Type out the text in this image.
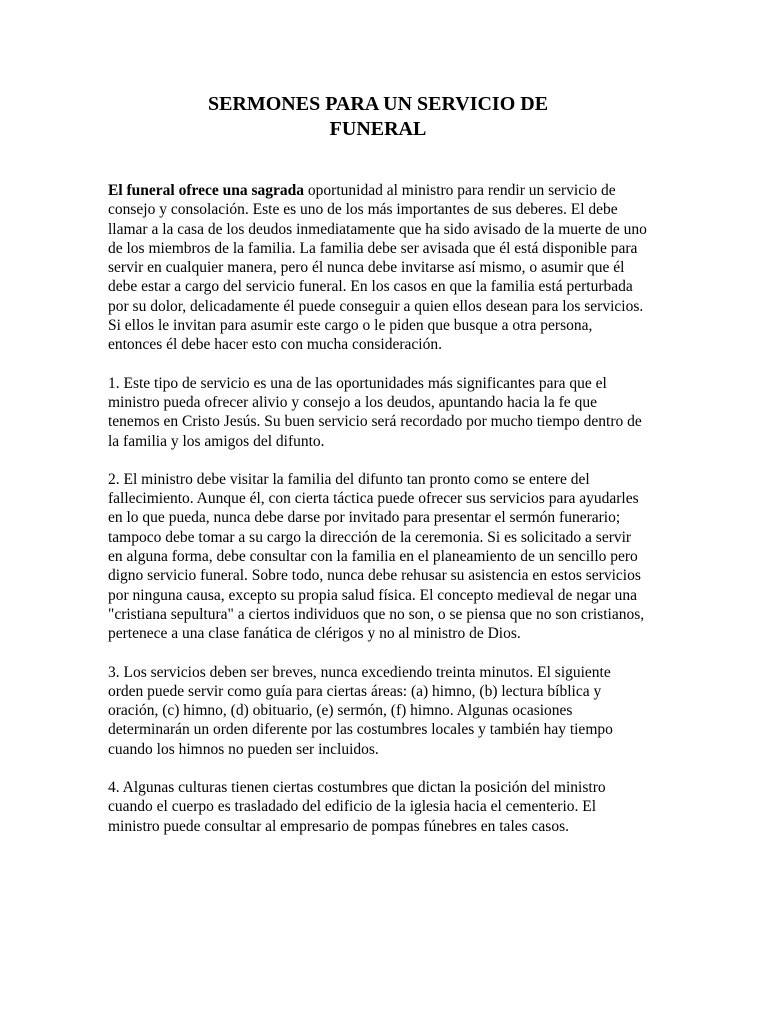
SERMONES PARA UN SERVICIO DE
FUNERAL

El funeral ofrece una sagrada oportunidad al ministro para rendir un servicio de consejo y consolación. Este es uno de los más importantes de sus deberes. El debe llamar a la casa de los deudos inmediatamente que ha sido avisado de la muerte de uno de los miembros de la familia. La familia debe ser avisada que él está disponible para servir en cualquier manera, pero él nunca debe invitarse así mismo, o asumir que él debe estar a cargo del servicio funeral. En los casos en que la familia está perturbada por su dolor, delicadamente él puede conseguir a quien ellos desean para los servicios. Si ellos le invitan para asumir este cargo o le piden que busque a otra persona, entonces él debe hacer esto con mucha consideración.

1. Este tipo de servicio es una de las oportunidades más significantes para que el ministro pueda ofrecer alivio y consejo a los deudos, apuntando hacia la fe que tenemos en Cristo Jesús. Su buen servicio será recordado por mucho tiempo dentro de la familia y los amigos del difunto.

2. El ministro debe visitar la familia del difunto tan pronto como se entere del fallecimiento. Aunque él, con cierta táctica puede ofrecer sus servicios para ayudarles en lo que pueda, nunca debe darse por invitado para presentar el sermón funerario; tampoco debe tomar a su cargo la dirección de la ceremonia. Si es solicitado a servir en alguna forma, debe consultar con la familia en el planeamiento de un sencillo pero digno servicio funeral. Sobre todo, nunca debe rehusar su asistencia en estos servicios por ninguna causa, excepto su propia salud física. El concepto medieval de negar una "cristiana sepultura" a ciertos individuos que no son, o se piensa que no son cristianos, pertenece a una clase fanática de clérigos y no al ministro de Dios.

3. Los servicios deben ser breves, nunca excediendo treinta minutos. El siguiente orden puede servir como guía para ciertas áreas: (a) himno, (b) lectura bíblica y oración, (c) himno, (d) obituario, (e) sermón, (f) himno. Algunas ocasiones determinarán un orden diferente por las costumbres locales y también hay tiempo cuando los himnos no pueden ser incluidos.

4. Algunas culturas tienen ciertas costumbres que dictan la posición del ministro cuando el cuerpo es trasladado del edificio de la iglesia hacia el cementerio. El ministro puede consultar al empresario de pompas fúnebres en tales casos.
